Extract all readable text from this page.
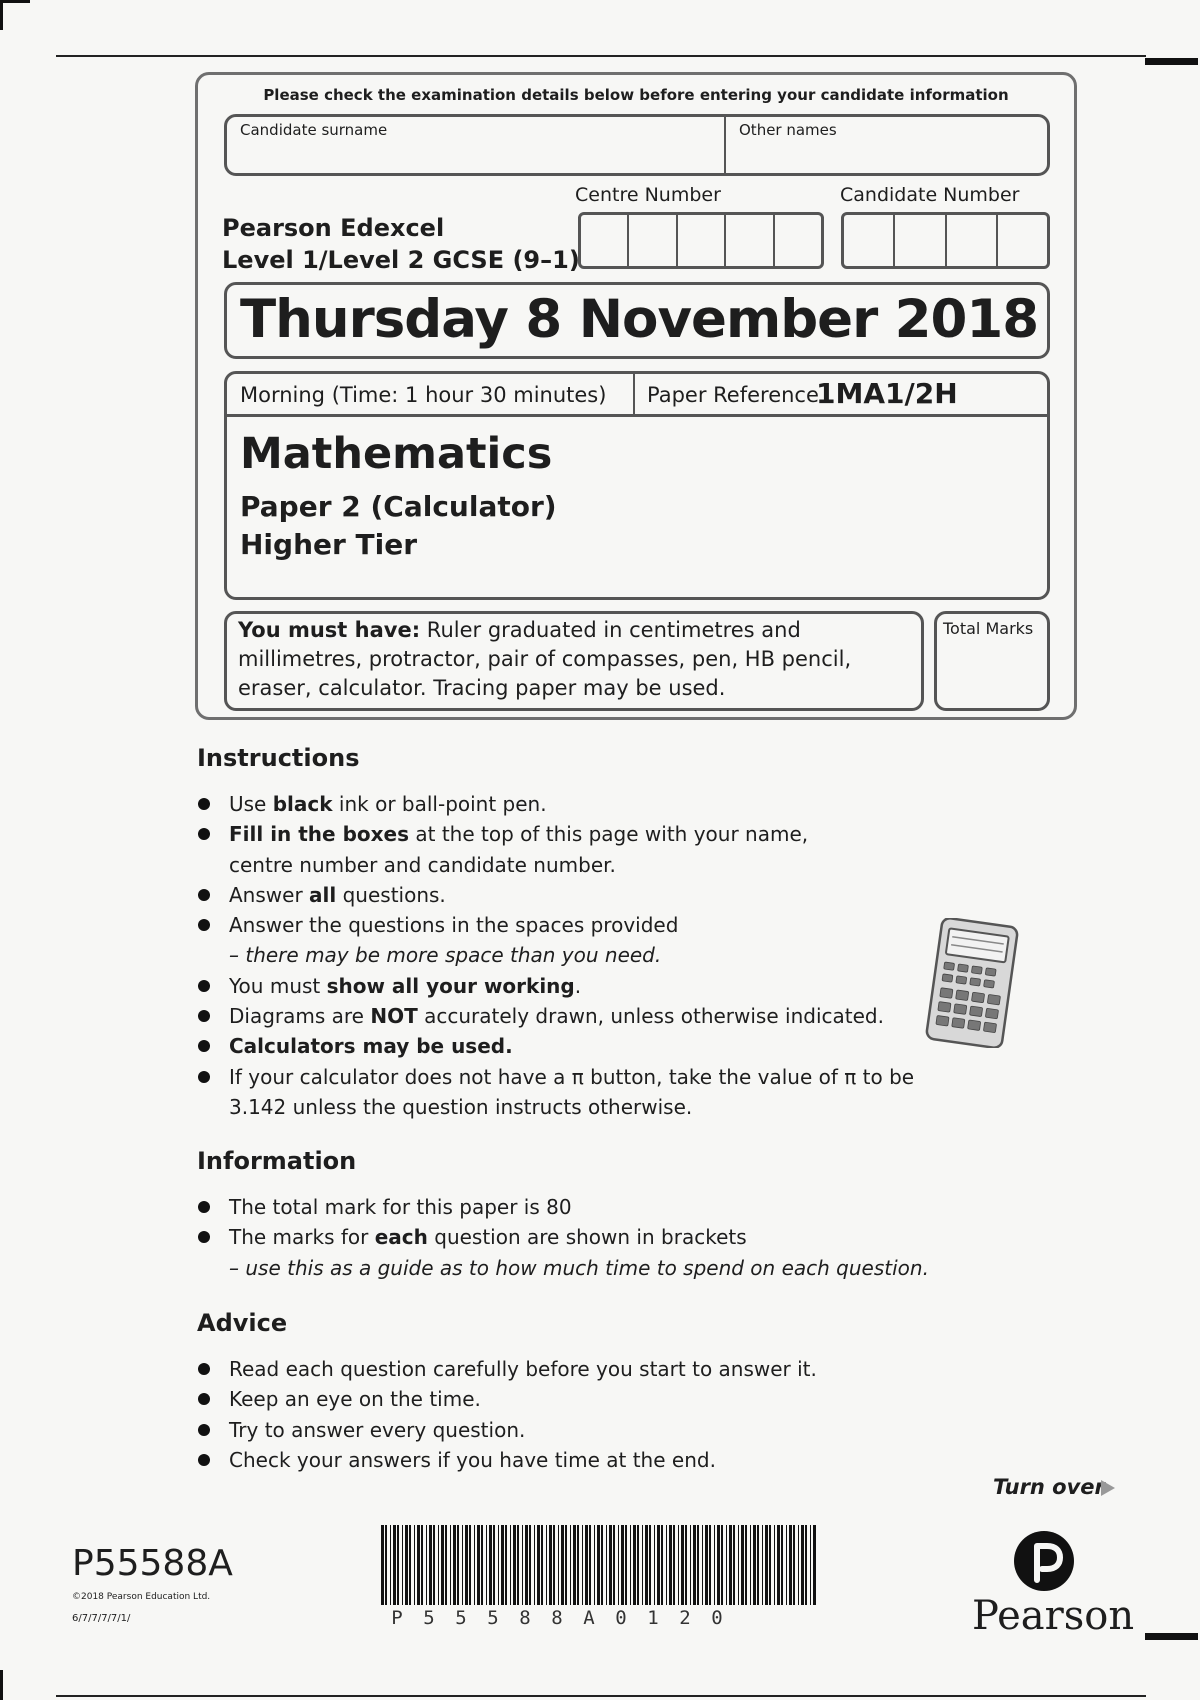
Please check the examination details below before entering your candidate information
Candidate surname	Other names
Pearson Edexcel
Level 1/Level 2 GCSE (9–1)
Centre Number	Candidate Number
Thursday 8 November 2018
Morning (Time: 1 hour 30 minutes) Paper Reference
1MA1/2H
Mathematics
Paper 2 (Calculator)
Higher Tier
You must have: Ruler graduated in centimetres and millimetres, protractor, pair of compasses, pen, HB pencil, eraser, calculator. Tracing paper may be used.
Total Marks
Instructions
Use black ink or ball-point pen.
Fill in the boxes at the top of this page with your name,
centre number and candidate number.
Answer all questions.
Answer the questions in the spaces provided
– there may be more space than you need.
You must show all your working.
Diagrams are NOT accurately drawn, unless otherwise indicated.
Calculators may be used.
If your calculator does not have a π button, take the value of π to be
3.142 unless the question instructs otherwise.
Information
The total mark for this paper is 80
The marks for each question are shown in brackets
– use this as a guide as to how much time to spend on each question.
Advice
Read each question carefully before you start to answer it.
Keep an eye on the time.
Try to answer every question.
Check your answers if you have time at the end.
Turn over
P55588A
©2018 Pearson Education Ltd.
6/7/7/7/7/1/	P 5 5 5 8 8 A 0 1 2 0	Pearson
